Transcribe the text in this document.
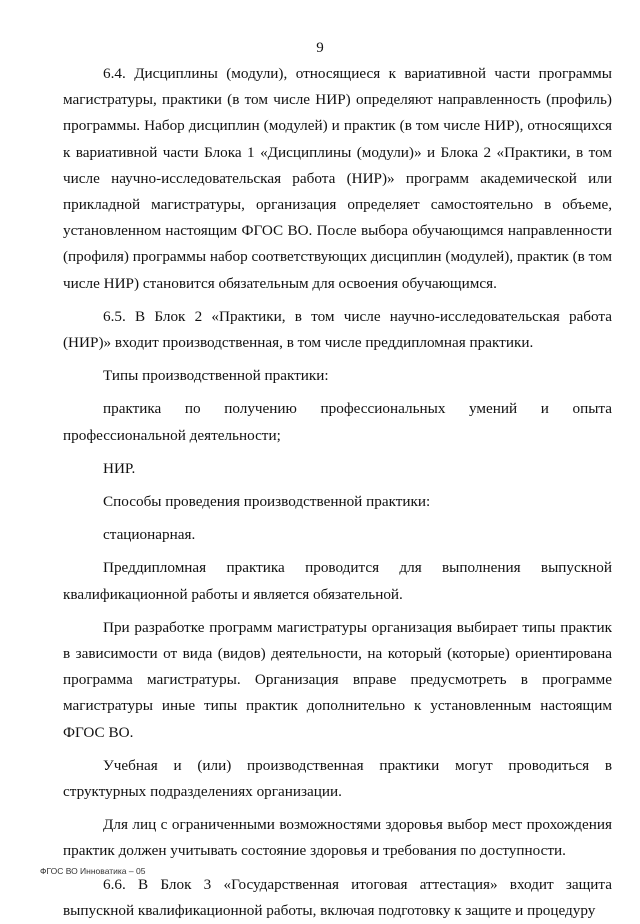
9

6.4. Дисциплины (модули), относящиеся к вариативной части программы магистратуры, практики (в том числе НИР) определяют направленность (профиль) программы. Набор дисциплин (модулей) и практик (в том числе НИР), относящихся к вариативной части Блока 1 «Дисциплины (модули)» и Блока 2 «Практики, в том числе научно-исследовательская работа (НИР)» программ академической или прикладной магистратуры, организация определяет самостоятельно в объеме, установленном настоящим ФГОС ВО. После выбора обучающимся направленности (профиля) программы набор соответствующих дисциплин (модулей), практик (в том числе НИР) становится обязательным для освоения обучающимся.

6.5. В Блок 2 «Практики, в том числе научно-исследовательская работа (НИР)» входит производственная, в том числе преддипломная практики.

Типы производственной практики:

практика по получению профессиональных умений и опыта профессиональной деятельности;

НИР.

Способы проведения производственной практики:

стационарная.

Преддипломная практика проводится для выполнения выпускной квалификационной работы и является обязательной.

При разработке программ магистратуры организация выбирает типы практик в зависимости от вида (видов) деятельности, на который (которые) ориентирована программа магистратуры. Организация вправе предусмотреть в программе магистратуры иные типы практик дополнительно к установленным настоящим ФГОС ВО.

Учебная и (или) производственная практики могут проводиться в структурных подразделениях организации.

Для лиц с ограниченными возможностями здоровья выбор мест прохождения практик должен учитывать состояние здоровья и требования по доступности.

6.6. В Блок 3 «Государственная итоговая аттестация» входит защита выпускной квалификационной работы, включая подготовку к защите и процедуру

ФГОС ВО Инноватика – 05
